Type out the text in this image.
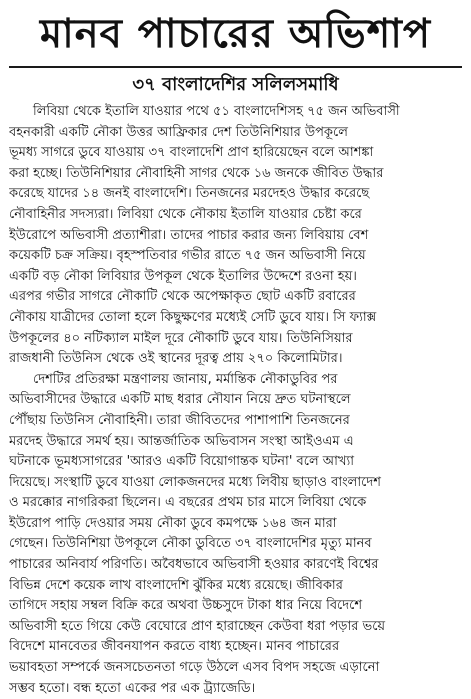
মানব পাচারের অভিশাপ
৩৭ বাংলাদেশির সলিলসমাধি
লিবিয়া থেকে ইতালি যাওয়ার পথে ৫১ বাংলাদেশিসহ ৭৫ জন অভিবাসী
বহনকারী একটি নৌকা উত্তর আফ্রিকার দেশ তিউনিশিয়ার উপকূলে
ভূমধ্য সাগরে ডুবে যাওয়ায় ৩৭ বাংলাদেশি প্রাণ হারিয়েছেন বলে আশঙ্কা
করা হচ্ছে। তিউনিশিয়ার নৌবাহিনী সাগর থেকে ১৬ জনকে জীবিত উদ্ধার
করেছে যাদের ১৪ জনই বাংলাদেশি। তিনজনের মরদেহও উদ্ধার করেছে
নৌবাহিনীর সদস্যরা। লিবিয়া থেকে নৌকায় ইতালি যাওয়ার চেষ্টা করে
ইউরোপে অভিবাসী প্রত্যাশীরা। তাদের পাচার করার জন্য লিবিয়ায় বেশ
কয়েকটি চক্র সক্রিয়। বৃহস্পতিবার গভীর রাতে ৭৫ জন অভিবাসী নিয়ে
একটি বড় নৌকা লিবিয়ার উপকূল থেকে ইতালির উদ্দেশে রওনা হয়।
এরপর গভীর সাগরে নৌকাটি থেকে অপেক্ষাকৃত ছোট একটি রবারের
নৌকায় যাত্রীদের তোলা হলে কিছুক্ষণের মধ্যেই সেটি ডুবে যায়। সি ফ্যাক্স
উপকূলের ৪০ নটিক্যাল মাইল দূরে নৌকাটি ডুবে যায়। তিউনিসিয়ার
রাজধানী তিউনিস থেকে ওই স্থানের দূরত্ব প্রায় ২৭০ কিলোমিটার।
দেশটির প্রতিরক্ষা মন্ত্রণালয় জানায়, মর্মান্তিক নৌকাডুবির পর
অভিবাসীদের উদ্ধারে একটি মাছ ধরার নৌযান নিয়ে দ্রুত ঘটনাস্থলে
পৌঁছায় তিউনিস নৌবাহিনী। তারা জীবিতদের পাশাপাশি তিনজনের
মরদেহ উদ্ধারে সমর্থ হয়। আন্তর্জাতিক অভিবাসন সংস্থা আইওএম এ
ঘটনাকে ভূমধ্যসাগরের 'আরও একটি বিয়োগান্তক ঘটনা' বলে আখ্যা
দিয়েছে। সংস্থাটি ডুবে যাওয়া লোকজনদের মধ্যে লিবীয় ছাড়াও বাংলাদেশ
ও মরক্কোর নাগরিকরা ছিলেন। এ বছরের প্রথম চার মাসে লিবিয়া থেকে
ইউরোপ পাড়ি দেওয়ার সময় নৌকা ডুবে কমপক্ষে ১৬৪ জন মারা
গেছেন। তিউনিশিয়া উপকূলে নৌকা ডুবিতে ৩৭ বাংলাদেশির মৃত্যু মানব
পাচারের অনিবার্য পরিণতি। অবৈধভাবে অভিবাসী হওয়ার কারণেই বিশ্বের
বিভিন্ন দেশে কয়েক লাখ বাংলাদেশি ঝুঁকির মধ্যে রয়েছে। জীবিকার
তাগিদে সহায় সম্বল বিক্রি করে অথবা উচ্চসুদে টাকা ধার নিয়ে বিদেশে
অভিবাসী হতে গিয়ে কেউ বেঘোরে প্রাণ হারাচ্ছেন কেউবা ধরা পড়ার ভয়ে
বিদেশে মানবেতর জীবনযাপন করতে বাধ্য হচ্ছেন। মানব পাচারের
ভয়াবহতা সম্পর্কে জনসচেতনতা গড়ে উঠলে এসব বিপদ সহজে এড়ানো
সম্ভব হতো। বন্ধ হতো একের পর এক ট্র্যাজেডি।
